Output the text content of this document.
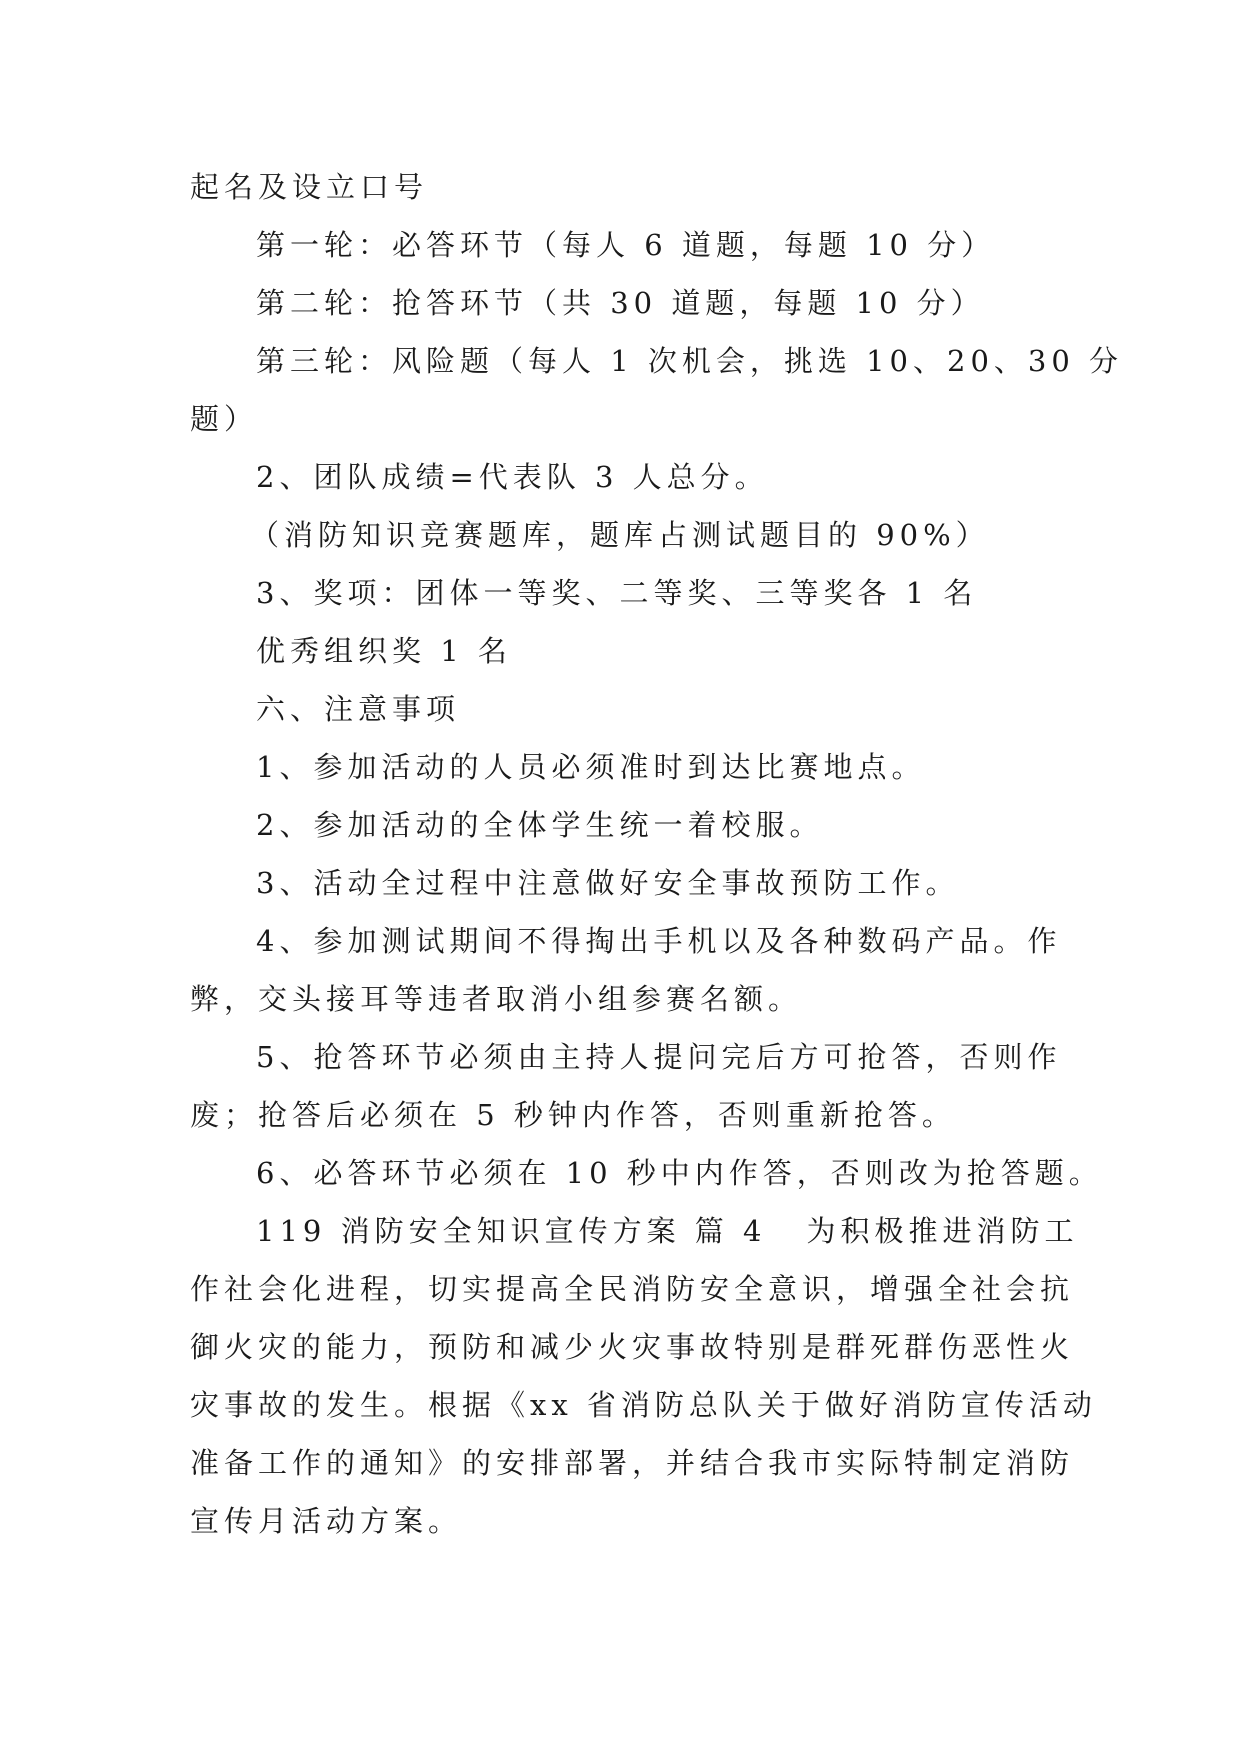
起名及设立口号
第一轮：必答环节（每人 6 道题，每题 10 分）
第二轮：抢答环节（共 30 道题，每题 10 分）
第三轮：风险题（每人 1 次机会，挑选 10、20、30 分
题）
2、团队成绩=代表队 3 人总分。
（消防知识竞赛题库，题库占测试题目的 90%）
3、奖项：团体一等奖、二等奖、三等奖各 1 名
优秀组织奖 1 名
六、注意事项
1、参加活动的人员必须准时到达比赛地点。
2、参加活动的全体学生统一着校服。
3、活动全过程中注意做好安全事故预防工作。
4、参加测试期间不得掏出手机以及各种数码产品。作
弊，交头接耳等违者取消小组参赛名额。
5、抢答环节必须由主持人提问完后方可抢答，否则作
废；抢答后必须在 5 秒钟内作答，否则重新抢答。
6、必答环节必须在 10 秒中内作答，否则改为抢答题。
119 消防安全知识宣传方案 篇 4 为积极推进消防工
作社会化进程，切实提高全民消防安全意识，增强全社会抗
御火灾的能力，预防和减少火灾事故特别是群死群伤恶性火
灾事故的发生。根据《xx 省消防总队关于做好消防宣传活动
准备工作的通知》的安排部署，并结合我市实际特制定消防
宣传月活动方案。
